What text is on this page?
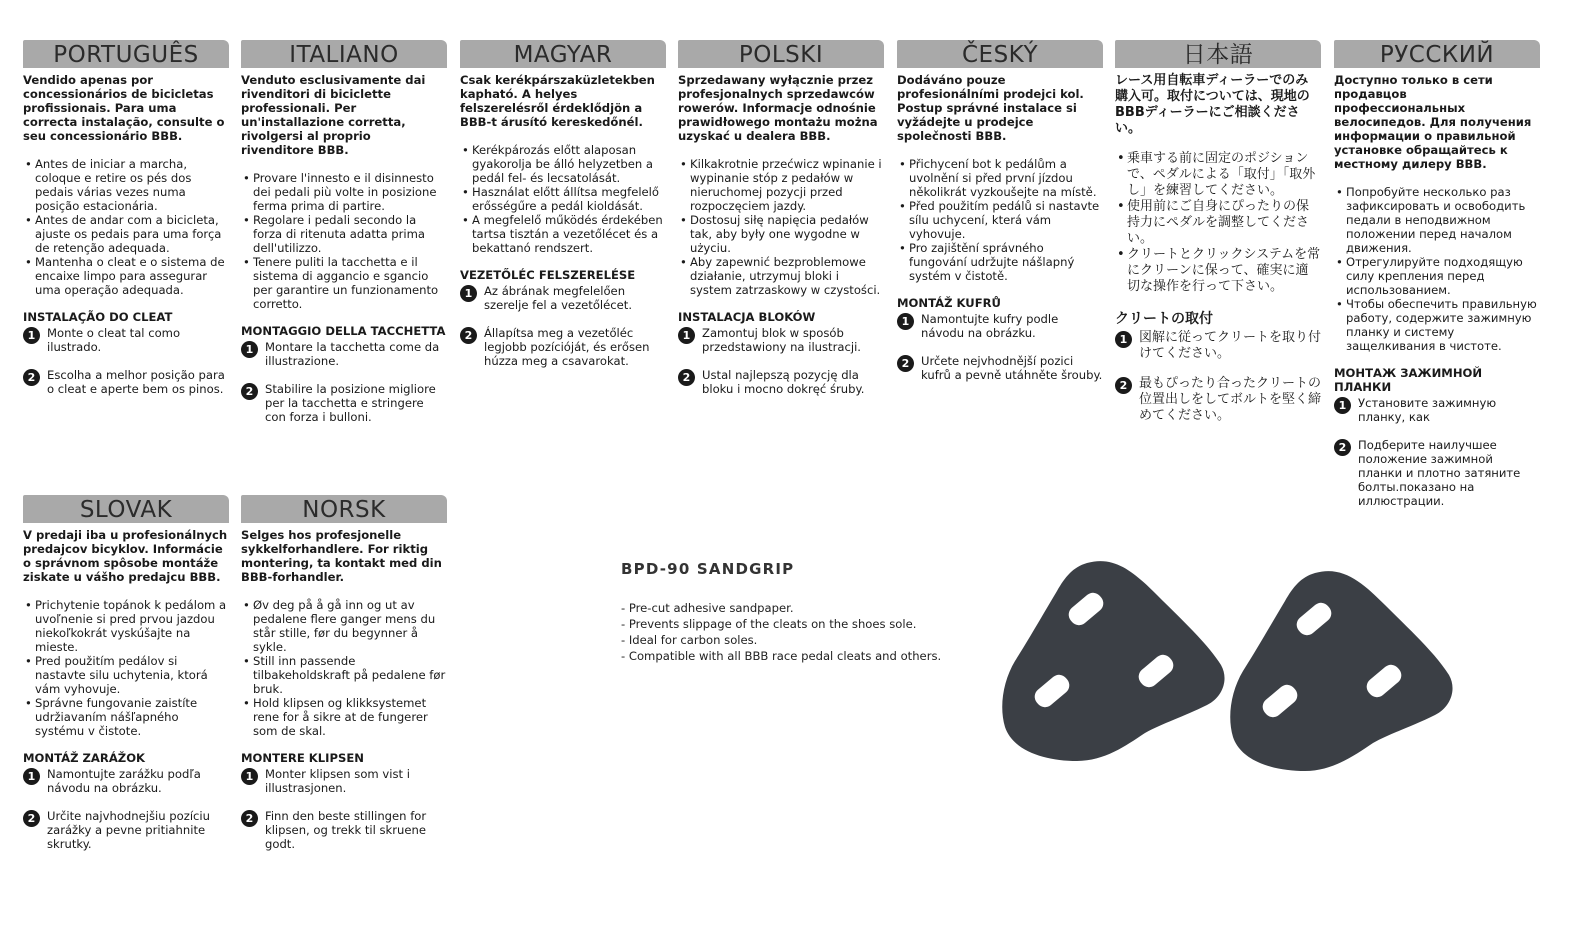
PORTUGUÊS
Vendido apenas por concessionários de bicicletas profissionais. Para uma correcta instalação, consulte o seu concessionário BBB.
• Antes de iniciar a marcha, coloque e retire os pés dos pedais várias vezes numa posição estacionária.
• Antes de andar com a bicicleta, ajuste os pedais para uma força de retenção adequada.
• Mantenha o cleat e o sistema de encaixe limpo para assegurar uma operação adequada.
INSTALAÇÃO DO CLEAT
1	Monte o cleat tal como ilustrado.
2	Escolha a melhor posição para o cleat e aperte bem os pinos.
ITALIANO
Venduto esclusivamente dai rivenditori di biciclette professionali. Per un'installazione corretta, rivolgersi al proprio rivenditore BBB.
• Provare l'innesto e il disinnesto dei pedali più volte in posizione ferma prima di partire.
• Regolare i pedali secondo la forza di ritenuta adatta prima dell'utilizzo.
• Tenere puliti la tacchetta e il sistema di aggancio e sgancio per garantire un funzionamento corretto.
MONTAGGIO DELLA TACCHETTA
1	Montare la tacchetta come da illustrazione.
2	Stabilire la posizione migliore per la tacchetta e stringere con forza i bulloni.
MAGYAR
Csak kerékpárszaküzletekben kapható. A helyes felszerelésről érdeklődjön a BBB-t árusító kereskedőnél.
• Kerékpározás előtt alaposan gyakorolja be álló helyzetben a pedál fel- és lecsatolását.
• Használat előtt állítsa megfelelő erősségűre a pedál kioldását.
• A megfelelő működés érdekében tartsa tisztán a vezetőlécet és a bekattanó rendszert.
VEZETŐLÉC FELSZERELÉSE
1	Az ábrának megfelelően szerelje fel a vezetőlécet.
2	Állapítsa meg a vezetőléc legjobb pozícióját, és erősen húzza meg a csavarokat.
POLSKI
Sprzedawany wyłącznie przez profesjonalnych sprzedawców rowerów. Informacje odnośnie prawidłowego montażu można uzyskać u dealera BBB.
• Kilkakrotnie przećwicz wpinanie i wypinanie stóp z pedałów w nieruchomej pozycji przed rozpoczęciem jazdy.
• Dostosuj siłę napięcia pedałów tak, aby były one wygodne w użyciu.
• Aby zapewnić bezproblemowe działanie, utrzymuj bloki i system zatrzaskowy w czystości.
INSTALACJA BLOKÓW
1	Zamontuj blok w sposób przedstawiony na ilustracji.
2	Ustal najlepszą pozycję dla bloku i mocno dokręć śruby.
ČESKÝ
Dodáváno pouze profesionálními prodejci kol. Postup správné instalace si vyžádejte u prodejce společnosti BBB.
• Přichycení bot k pedálům a uvolnění si před první jízdou několikrát vyzkoušejte na místě.
• Před použitím pedálů si nastavte sílu uchycení, která vám vyhovuje.
• Pro zajištění správného fungování udržujte nášlapný systém v čistotě.
MONTÁŽ KUFRŮ
1	Namontujte kufry podle návodu na obrázku.
2	Určete nejvhodnější pozici kufrů a pevně utáhněte šrouby.
日本語
レース用自転車ディーラーでのみ購入可。取付については、現地のBBBディーラーにご相談ください。
• 乗車する前に固定のポジションで、ペダルによる「取付」「取外し」を練習してください。
• 使用前にご自身にぴったりの保持力にペダルを調整してください。
• クリートとクリックシステムを常にクリーンに保って、確実に適切な操作を行って下さい。
クリートの取付
1 図解に従ってクリートを取り付けてください。
2 最もぴったり合ったクリートの位置出しをしてボルトを堅く締めてください。
РУССКИЙ
Доступно только в сети продавцов профессиональных велосипедов. Для получения информации о правильной установке обращайтесь к местному дилеру BBB.
• Попробуйте несколько раз зафиксировать и освободить педали в неподвижном положении перед началом движения.
• Отрегулируйте подходящую силу крепления перед использованием.
• Чтобы обеспечить правильную работу, содержите зажимную планку и систему защелкивания в чистоте.
МОНТАЖ ЗАЖИМНОЙ ПЛАНКИ
1	Установите зажимную планку, как
2	Подберите наилучшее положение зажимной планки и плотно затяните болты.показано на иллюстрации.
SLOVAK
V predaji iba u profesionálnych predajcov bicyklov. Informácie o správnom spôsobe montáže ziskate u vášho predajcu BBB.
• Prichytenie topánok k pedálom a uvoľnenie si pred prvou jazdou niekoľkokrát vyskúšajte na mieste.
• Pred použitím pedálov si nastavte silu uchytenia, ktorá vám vyhovuje.
• Správne fungovanie zaistíte udržiavaním nášľapného systému v čistote.
MONTÁŽ ZARÁŽOK
1	Namontujte zarážku podľa návodu na obrázku.
2	Určite najvhodnejšiu pozíciu zarážky a pevne pritiahnite skrutky.
NORSK
Selges hos profesjonelle sykkelforhandlere. For riktig montering, ta kontakt med din BBB-forhandler.
• Øv deg på å gå inn og ut av pedalene flere ganger mens du står stille, før du begynner å sykle.
• Still inn passende tilbakeholdskraft på pedalene før bruk.
• Hold klipsen og klikksystemet rene for å sikre at de fungerer som de skal.
MONTERE KLIPSEN
1	Monter klipsen som vist i illustrasjonen.
2	Finn den beste stillingen for klipsen, og trekk til skruene godt.
BPD-90 SANDGRIP
- Pre-cut adhesive sandpaper.
- Prevents slippage of the cleats on the shoes sole.
- Ideal for carbon soles.
- Compatible with all BBB race pedal cleats and others.
